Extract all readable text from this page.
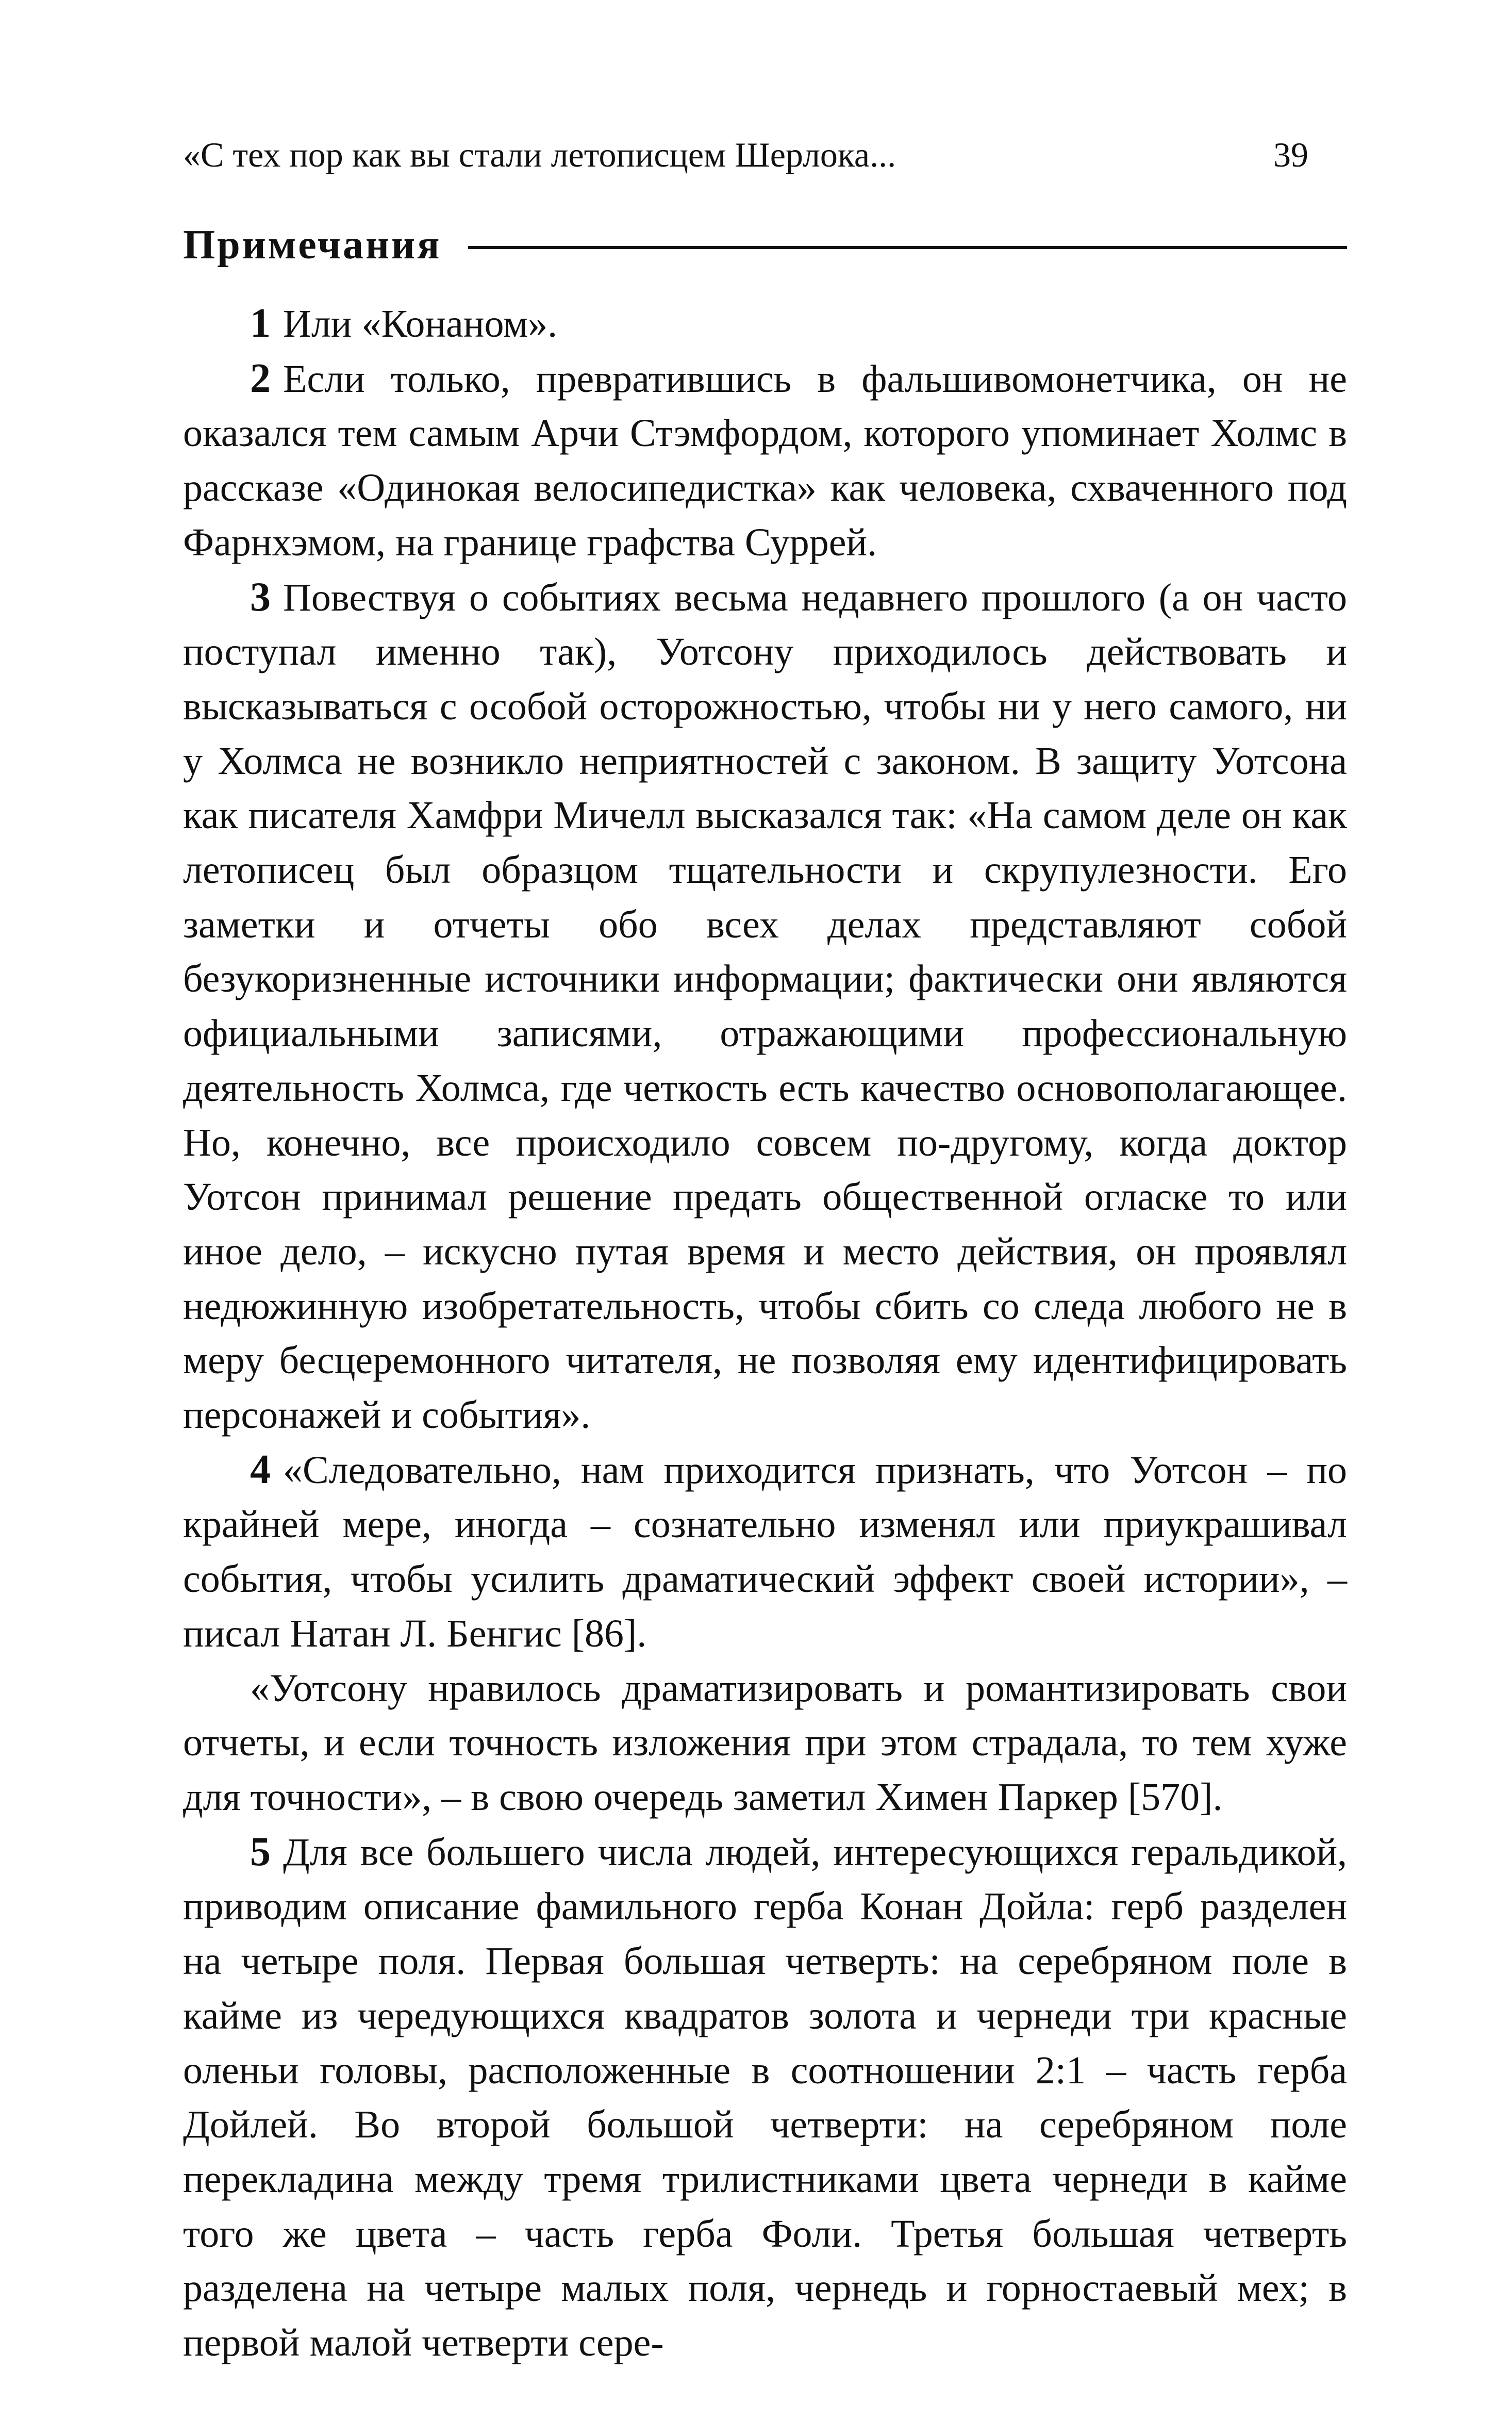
«С тех пор как вы стали летописцем Шерлока...	39
Примечания

1 Или «Конаном».

2 Если только, превратившись в фальшивомонетчика, он не оказался тем самым Арчи Стэмфордом, которого упоминает Холмс в рассказе «Одинокая велосипедистка» как человека, схваченного под Фарнхэмом, на границе графства Суррей.

3 Повествуя о событиях весьма недавнего прошлого (а он часто поступал именно так), Уотсону приходилось действовать и высказываться с особой осторожностью, чтобы ни у него самого, ни у Холмса не возникло неприятностей с законом. В защиту Уотсона как писателя Хамфри Мичелл высказался так: «На самом деле он как летописец был образцом тщательности и скрупулезности. Его заметки и отчеты обо всех делах представляют собой безукоризненные источники информации; фактически они являются официальными записями, отражающими профессиональную деятельность Холмса, где четкость есть качество основополагающее. Но, конечно, все происходило совсем по-другому, когда доктор Уотсон принимал решение предать общественной огласке то или иное дело, – искусно путая время и место действия, он проявлял недюжинную изобретательность, чтобы сбить со следа любого не в меру бесцеремонного читателя, не позволяя ему идентифицировать персонажей и события».

4 «Следовательно, нам приходится признать, что Уотсон – по крайней мере, иногда – сознательно изменял или приукрашивал события, чтобы усилить драматический эффект своей истории», – писал Натан Л. Бенгис [86].

«Уотсону нравилось драматизировать и романтизировать свои отчеты, и если точность изложения при этом страдала, то тем хуже для точности», – в свою очередь заметил Химен Паркер [570].

5 Для все большего числа людей, интересующихся геральдикой, приводим описание фамильного герба Конан Дойла: герб разделен на четыре поля. Первая большая четверть: на серебряном поле в кайме из чередующихся квадратов золота и чернеди три красные оленьи головы, расположенные в соотношении 2:1 – часть герба Дойлей. Во второй большой четверти: на серебряном поле перекладина между тремя трилистниками цвета чернеди в кайме того же цвета – часть герба Фоли. Третья большая четверть разделена на четыре малых поля, чернедь и горностаевый мех; в первой малой четверти сере-
